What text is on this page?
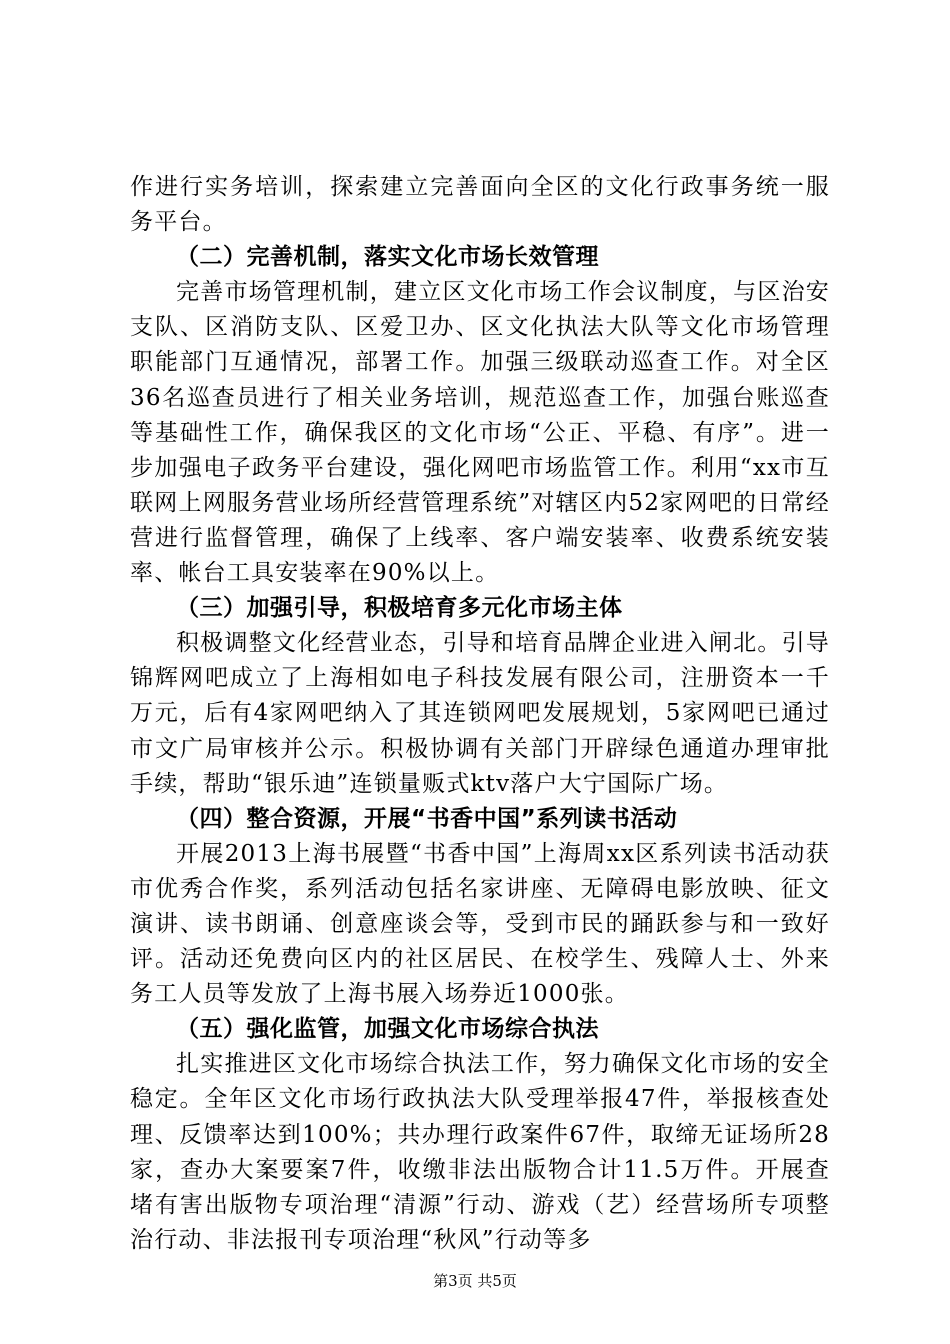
作进行实务培训，探索建立完善面向全区的文化行政事务统一服务平台。

（二）完善机制，落实文化市场长效管理

完善市场管理机制，建立区文化市场工作会议制度，与区治安支队、区消防支队、区爱卫办、区文化执法大队等文化市场管理职能部门互通情况，部署工作。加强三级联动巡查工作。对全区36名巡查员进行了相关业务培训，规范巡查工作，加强台账巡查等基础性工作，确保我区的文化市场“公正、平稳、有序”。进一步加强电子政务平台建设，强化网吧市场监管工作。利用“xx市互联网上网服务营业场所经营管理系统”对辖区内52家网吧的日常经营进行监督管理，确保了上线率、客户端安装率、收费系统安装率、帐台工具安装率在90%以上。

（三）加强引导，积极培育多元化市场主体

积极调整文化经营业态，引导和培育品牌企业进入闸北。引导锦辉网吧成立了上海相如电子科技发展有限公司，注册资本一千万元，后有4家网吧纳入了其连锁网吧发展规划，5家网吧已通过市文广局审核并公示。积极协调有关部门开辟绿色通道办理审批手续，帮助“银乐迪”连锁量贩式ktv落户大宁国际广场。

（四）整合资源，开展“书香中国”系列读书活动

开展2013上海书展暨“书香中国”上海周xx区系列读书活动获市优秀合作奖，系列活动包括名家讲座、无障碍电影放映、征文演讲、读书朗诵、创意座谈会等，受到市民的踊跃参与和一致好评。活动还免费向区内的社区居民、在校学生、残障人士、外来务工人员等发放了上海书展入场券近1000张。

（五）强化监管，加强文化市场综合执法

扎实推进区文化市场综合执法工作，努力确保文化市场的安全稳定。全年区文化市场行政执法大队受理举报47件，举报核查处理、反馈率达到100%；共办理行政案件67件，取缔无证场所28家，查办大案要案7件，收缴非法出版物合计11.5万件。开展查堵有害出版物专项治理“清源”行动、游戏（艺）经营场所专项整治行动、非法报刊专项治理“秋风”行动等多

第3页 共5页
